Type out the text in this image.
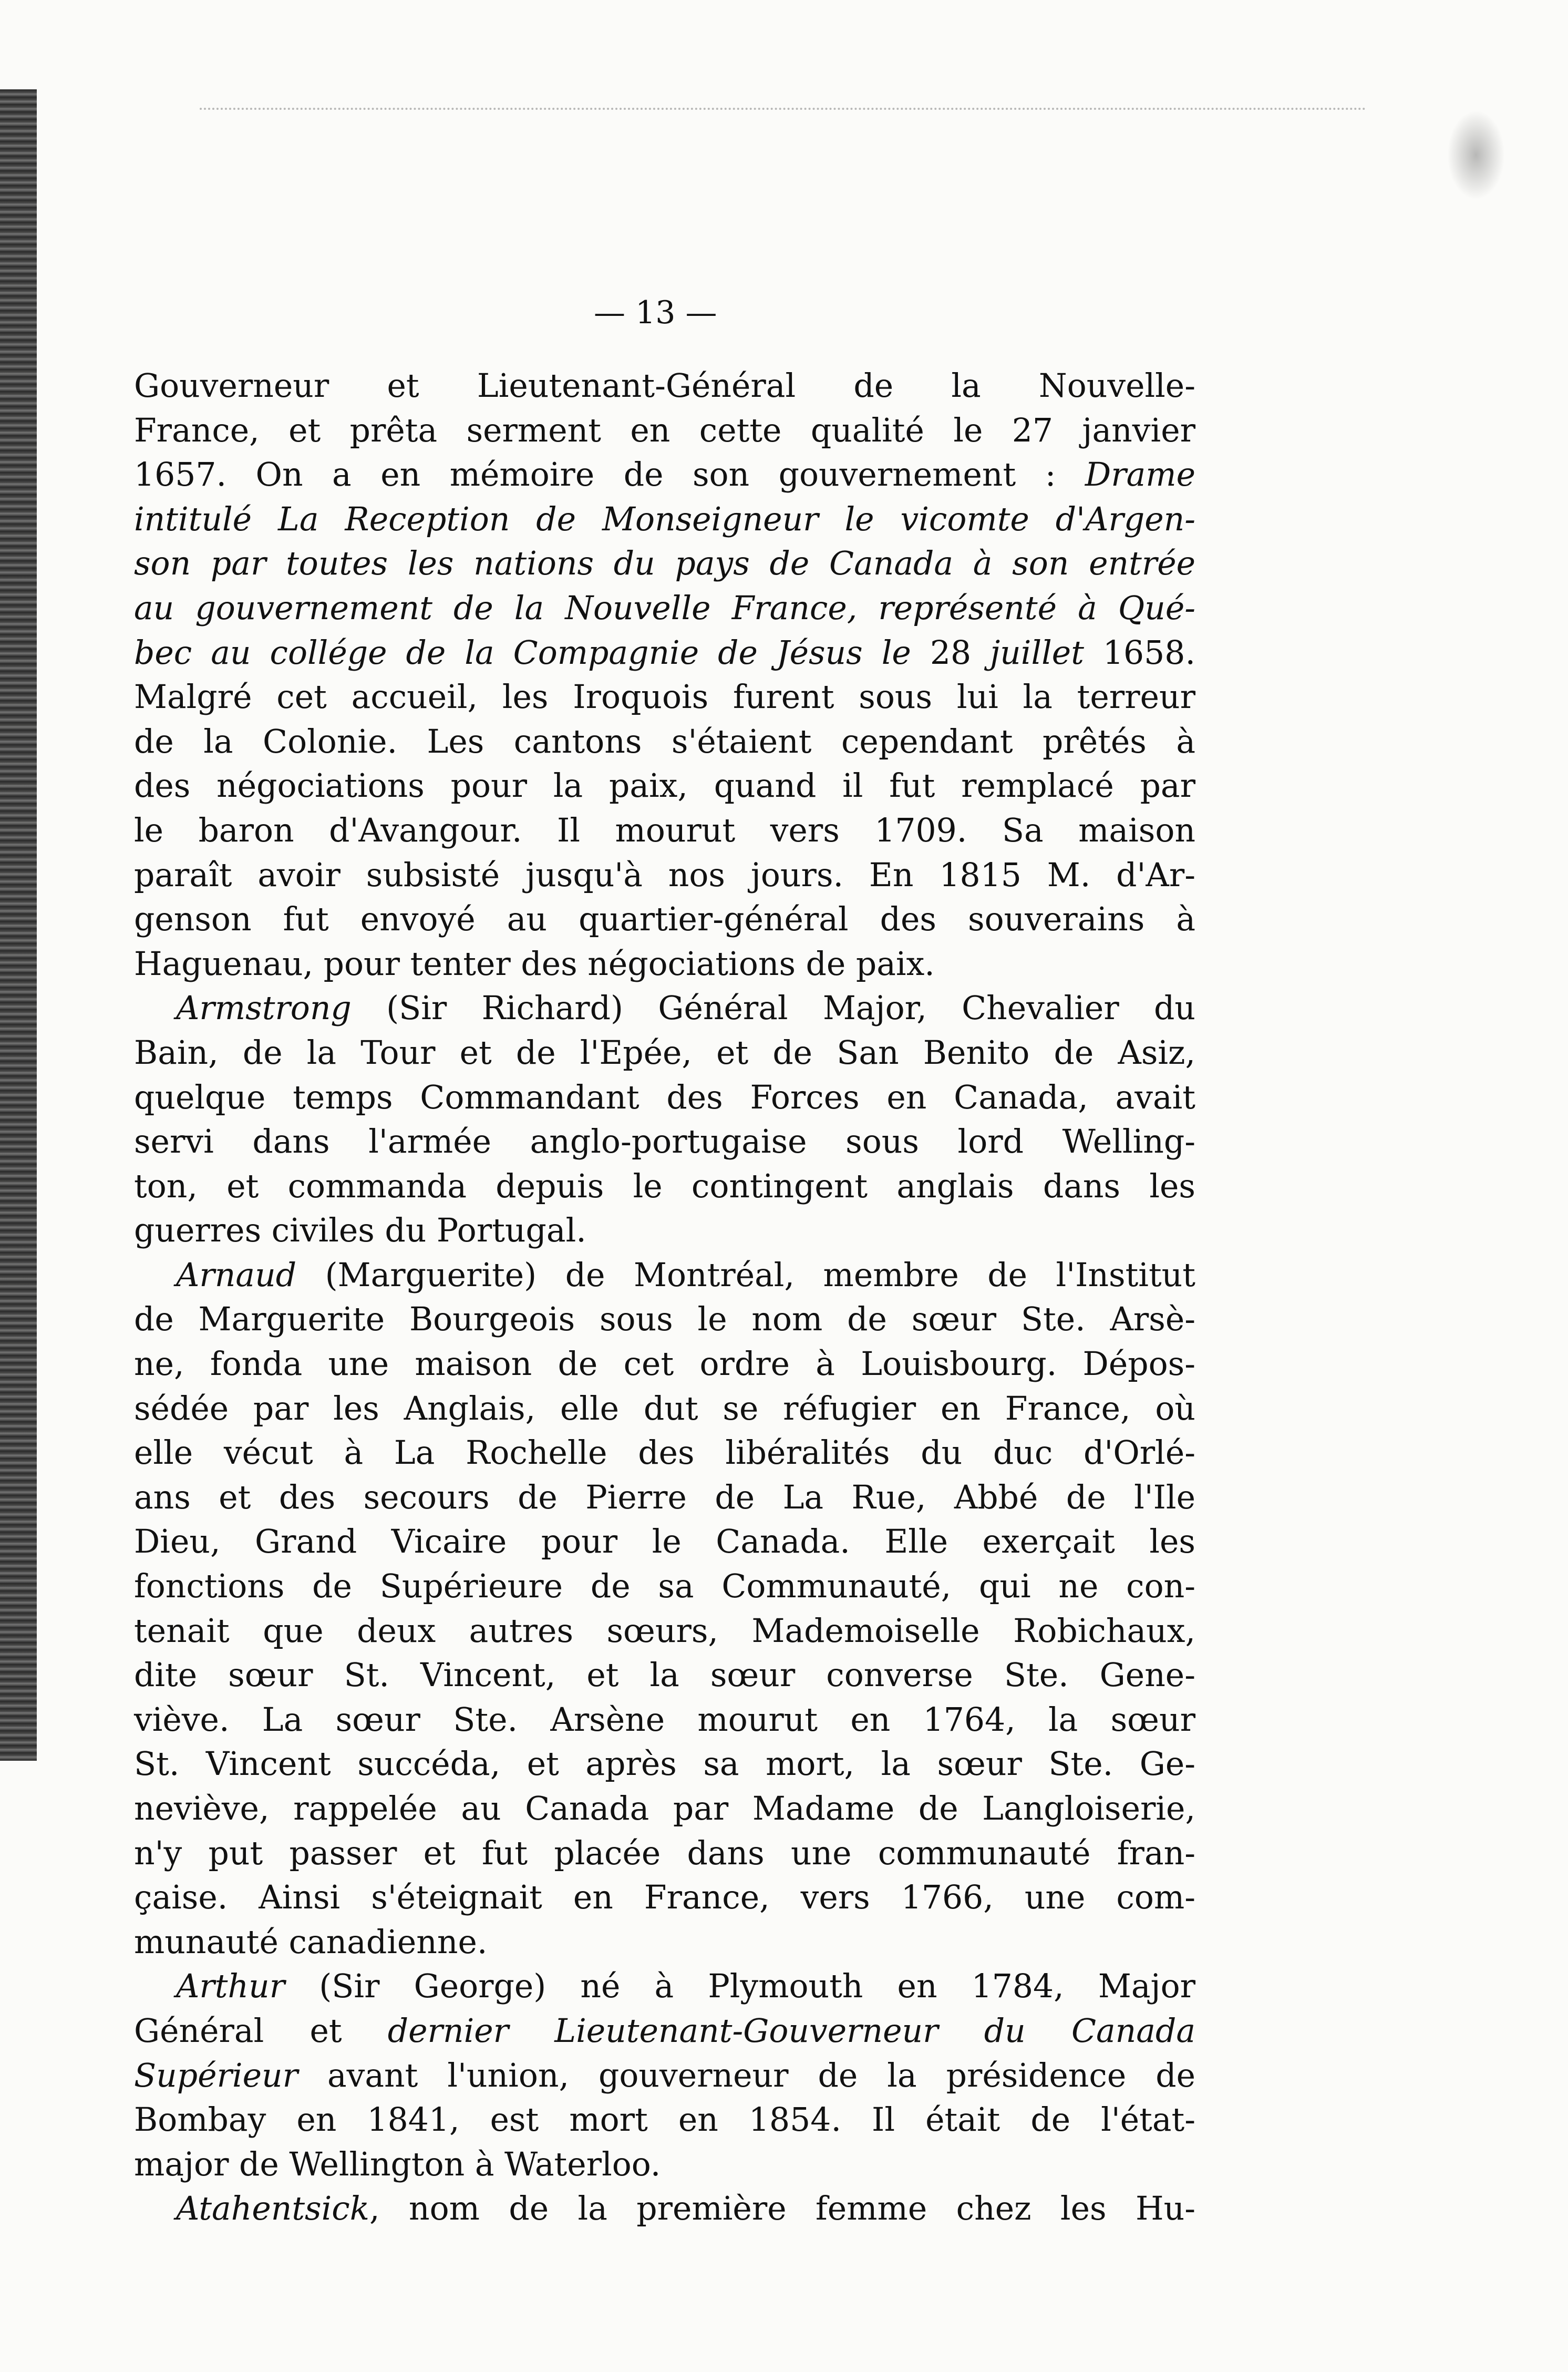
— 13 —
Gouverneur et Lieutenant-Général de la Nouvelle-
France, et prêta serment en cette qualité le 27 janvier
1657. On a en mémoire de son gouvernement : Drame
intitulé La Reception de Monseigneur le vicomte d'Argen-
son par toutes les nations du pays de Canada à son entrée
au gouvernement de la Nouvelle France, représenté à Qué-
bec au collége de la Compagnie de Jésus le 28 juillet 1658.
Malgré cet accueil, les Iroquois furent sous lui la terreur
de la Colonie. Les cantons s'étaient cependant prêtés à
des négociations pour la paix, quand il fut remplacé par
le baron d'Avangour. Il mourut vers 1709. Sa maison
paraît avoir subsisté jusqu'à nos jours. En 1815 M. d'Ar-
genson fut envoyé au quartier-général des souverains à
Haguenau, pour tenter des négociations de paix.
Armstrong (Sir Richard) Général Major, Chevalier du
Bain, de la Tour et de l'Epée, et de San Benito de Asiz,
quelque temps Commandant des Forces en Canada, avait
servi dans l'armée anglo-portugaise sous lord Welling-
ton, et commanda depuis le contingent anglais dans les
guerres civiles du Portugal.
Arnaud (Marguerite) de Montréal, membre de l'Institut
de Marguerite Bourgeois sous le nom de sœur Ste. Arsè-
ne, fonda une maison de cet ordre à Louisbourg. Dépos-
sédée par les Anglais, elle dut se réfugier en France, où
elle vécut à La Rochelle des libéralités du duc d'Orlé-
ans et des secours de Pierre de La Rue, Abbé de l'Ile
Dieu, Grand Vicaire pour le Canada. Elle exerçait les
fonctions de Supérieure de sa Communauté, qui ne con-
tenait que deux autres sœurs, Mademoiselle Robichaux,
dite sœur St. Vincent, et la sœur converse Ste. Gene-
viève. La sœur Ste. Arsène mourut en 1764, la sœur
St. Vincent succéda, et après sa mort, la sœur Ste. Ge-
neviève, rappelée au Canada par Madame de Langloiserie,
n'y put passer et fut placée dans une communauté fran-
çaise. Ainsi s'éteignait en France, vers 1766, une com-
munauté canadienne.
Arthur (Sir George) né à Plymouth en 1784, Major
Général et dernier Lieutenant-Gouverneur du Canada
Supérieur avant l'union, gouverneur de la présidence de
Bombay en 1841, est mort en 1854. Il était de l'état-
major de Wellington à Waterloo.
Atahentsick, nom de la première femme chez les Hu-
